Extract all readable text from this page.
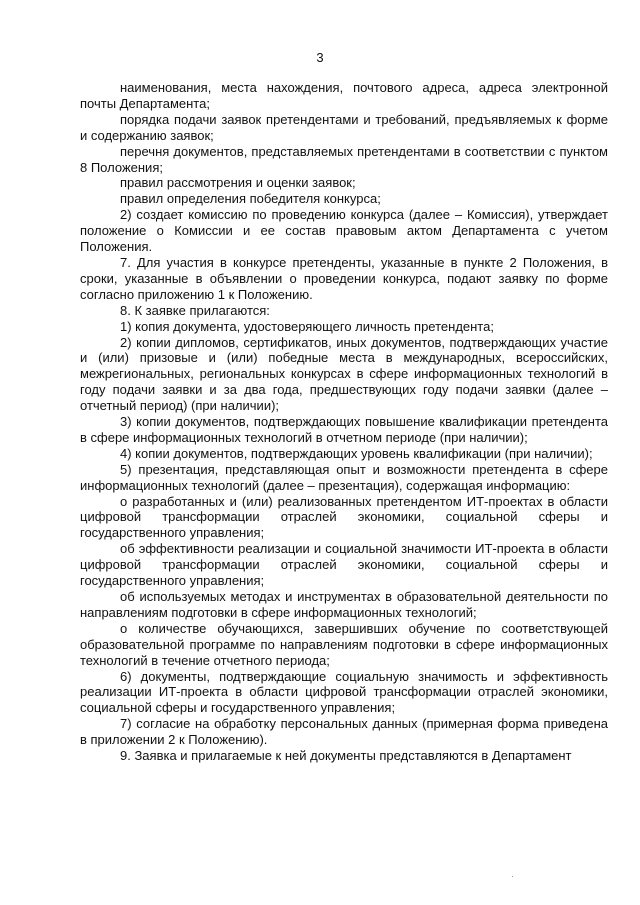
3

наименования, места нахождения, почтового адреса, адреса электронной почты Департамента;

порядка подачи заявок претендентами и требований, предъявляемых к форме и содержанию заявок;

перечня документов, представляемых претендентами в соответствии с пунктом 8 Положения;

правил рассмотрения и оценки заявок;

правил определения победителя конкурса;

2) создает комиссию по проведению конкурса (далее – Комиссия), утверждает положение о Комиссии и ее состав правовым актом Департамента с учетом Положения.

7. Для участия в конкурсе претенденты, указанные в пункте 2 Положения, в сроки, указанные в объявлении о проведении конкурса, подают заявку по форме согласно приложению 1 к Положению.

8. К заявке прилагаются:

1) копия документа, удостоверяющего личность претендента;

2) копии дипломов, сертификатов, иных документов, подтверждающих участие и (или) призовые и (или) победные места в международных, всероссийских, межрегиональных, региональных конкурсах в сфере информационных технологий в году подачи заявки и за два года, предшествующих году подачи заявки (далее – отчетный период) (при наличии);

3) копии документов, подтверждающих повышение квалификации претендента в сфере информационных технологий в отчетном периоде (при наличии);

4) копии документов, подтверждающих уровень квалификации (при наличии);

5) презентация, представляющая опыт и возможности претендента в сфере информационных технологий (далее – презентация), содержащая информацию:

о разработанных и (или) реализованных претендентом ИТ-проектах в области цифровой трансформации отраслей экономики, социальной сферы и государственного управления;

об эффективности реализации и социальной значимости ИТ-проекта в области цифровой трансформации отраслей экономики, социальной сферы и государственного управления;

об используемых методах и инструментах в образовательной деятельности по направлениям подготовки в сфере информационных технологий;

о количестве обучающихся, завершивших обучение по соответствующей образовательной программе по направлениям подготовки в сфере информационных технологий в течение отчетного периода;

6) документы, подтверждающие социальную значимость и эффективность реализации ИТ-проекта в области цифровой трансформации отраслей экономики, социальной сферы и государственного управления;

7) согласие на обработку персональных данных (примерная форма приведена в приложении 2 к Положению).

9. Заявка и прилагаемые к ней документы представляются в Департамент
